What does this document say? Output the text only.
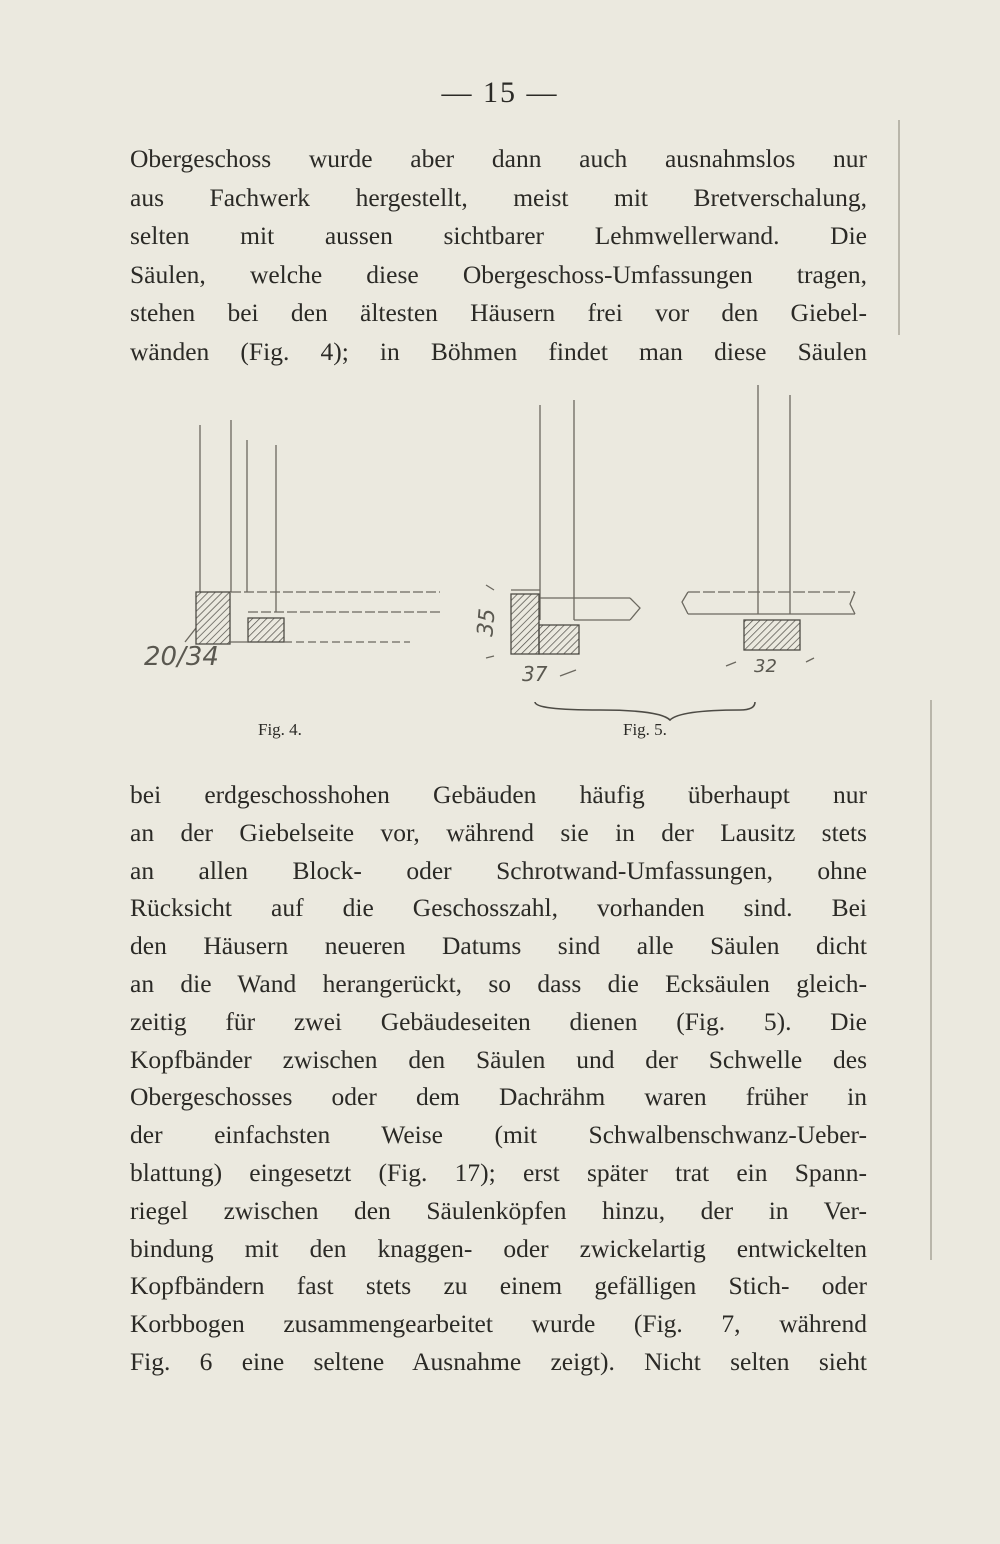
— 15 —
Obergeschoss wurde aber dann auch ausnahmslos nur
aus Fachwerk hergestellt, meist mit Bretverschalung,
selten mit aussen sichtbarer Lehmwellerwand. Die
Säulen, welche diese Obergeschoss-Umfassungen tragen,
stehen bei den ältesten Häusern frei vor den Giebel-
wänden (Fig. 4); in Böhmen findet man diese Säulen
20/34
35
37	32
Fig. 4.	Fig. 5.
bei erdgeschosshohen Gebäuden häufig überhaupt nur
an der Giebelseite vor, während sie in der Lausitz stets
an allen Block- oder Schrotwand-Umfassungen, ohne
Rücksicht auf die Geschosszahl, vorhanden sind. Bei
den Häusern neueren Datums sind alle Säulen dicht
an die Wand herangerückt, so dass die Ecksäulen gleich-
zeitig für zwei Gebäudeseiten dienen (Fig. 5). Die
Kopfbänder zwischen den Säulen und der Schwelle des
Obergeschosses oder dem Dachrähm waren früher in
der einfachsten Weise (mit Schwalbenschwanz-Ueber-
blattung) eingesetzt (Fig. 17); erst später trat ein Spann-
riegel zwischen den Säulenköpfen hinzu, der in Ver-
bindung mit den knaggen- oder zwickelartig entwickelten
Kopfbändern fast stets zu einem gefälligen Stich- oder
Korbbogen zusammengearbeitet wurde (Fig. 7, während
Fig. 6 eine seltene Ausnahme zeigt). Nicht selten sieht
